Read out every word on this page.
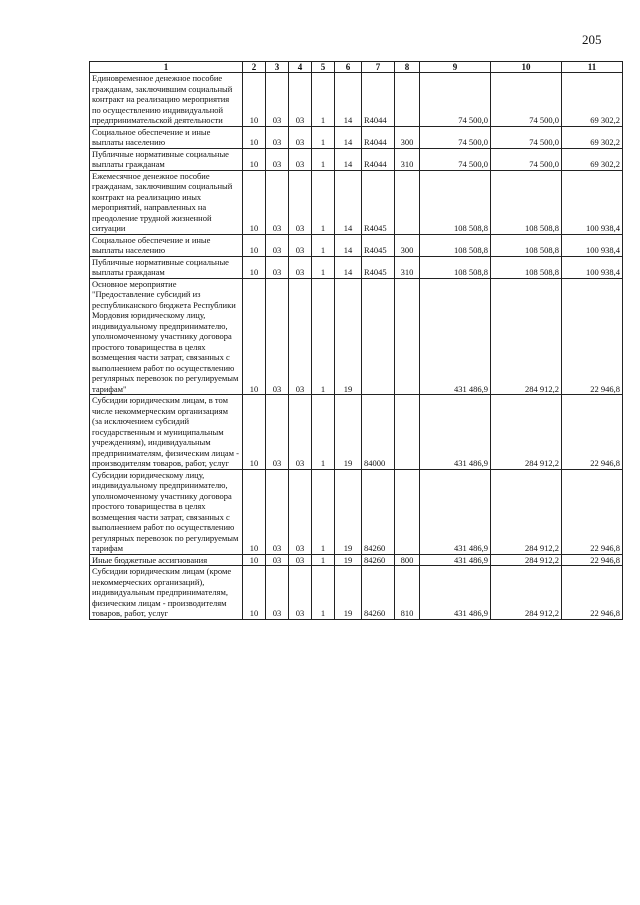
205
1	2	3	4	5	6	7	8	9	10	11
Единовременное денежное пособие гражданам, заключившим социальный контракт на реализацию мероприятия по осуществлению индивидуальной предпринимательской деятельности	10	03	03	1	14	R4044		74 500,0	74 500,0	69 302,2
Социальное обеспечение и иные выплаты населению	10	03	03	1	14	R4044	300	74 500,0	74 500,0	69 302,2
Публичные нормативные социальные выплаты гражданам	10	03	03	1	14	R4044	310	74 500,0	74 500,0	69 302,2
Ежемесячное денежное пособие гражданам, заключившим социальный контракт на реализацию иных мероприятий, направленных на преодоление трудной жизненной ситуации	10	03	03	1	14	R4045		108 508,8	108 508,8	100 938,4
Социальное обеспечение и иные выплаты населению	10	03	03	1	14	R4045	300	108 508,8	108 508,8	100 938,4
Публичные нормативные социальные выплаты гражданам	10	03	03	1	14	R4045	310	108 508,8	108 508,8	100 938,4
Основное мероприятие "Предоставление субсидий из республиканского бюджета Республики Мордовия юридическому лицу, индивидуальному предпринимателю, уполномоченному участнику договора простого товарищества в целях возмещения части затрат, связанных с выполнением работ по осуществлению регулярных перевозок по регулируемым тарифам"	10	03	03	1	19			431 486,9	284 912,2	22 946,8
Субсидии юридическим лицам, в том числе некоммерческим организациям (за исключением субсидий государственным и муниципальным учреждениям), индивидуальным предпринимателям, физическим лицам - производителям товаров, работ, услуг	10	03	03	1	19	84000		431 486,9	284 912,2	22 946,8
Субсидии юридическому лицу, индивидуальному предпринимателю, уполномоченному участнику договора простого товарищества в целях возмещения части затрат, связанных с выполнением работ по осуществлению регулярных перевозок по регулируемым тарифам	10	03	03	1	19	84260		431 486,9	284 912,2	22 946,8
Иные бюджетные ассигнования	10	03	03	1	19	84260	800	431 486,9	284 912,2	22 946,8
Субсидии юридическим лицам (кроме некоммерческих организаций), индивидуальным предпринимателям, физическим лицам - производителям товаров, работ, услуг	10	03	03	1	19	84260	810	431 486,9	284 912,2	22 946,8
